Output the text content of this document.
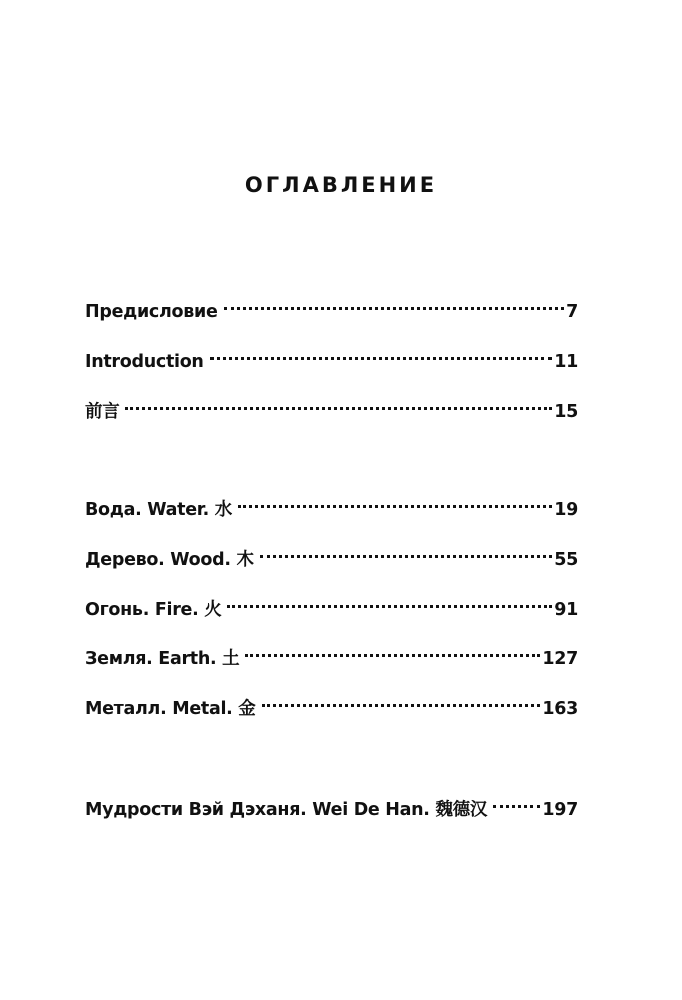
ОГЛАВЛЕНИЕ
Предисловие	7
Introduction	11
前言	15
Вода. Water. 水	19
Дерево. Wood. 木	55
Огонь. Fire. 火	91
Земля. Earth. 土	127
Металл. Metal. 金	163
Мудрости Вэй Дэханя. Wei De Han. 魏德汉	197
